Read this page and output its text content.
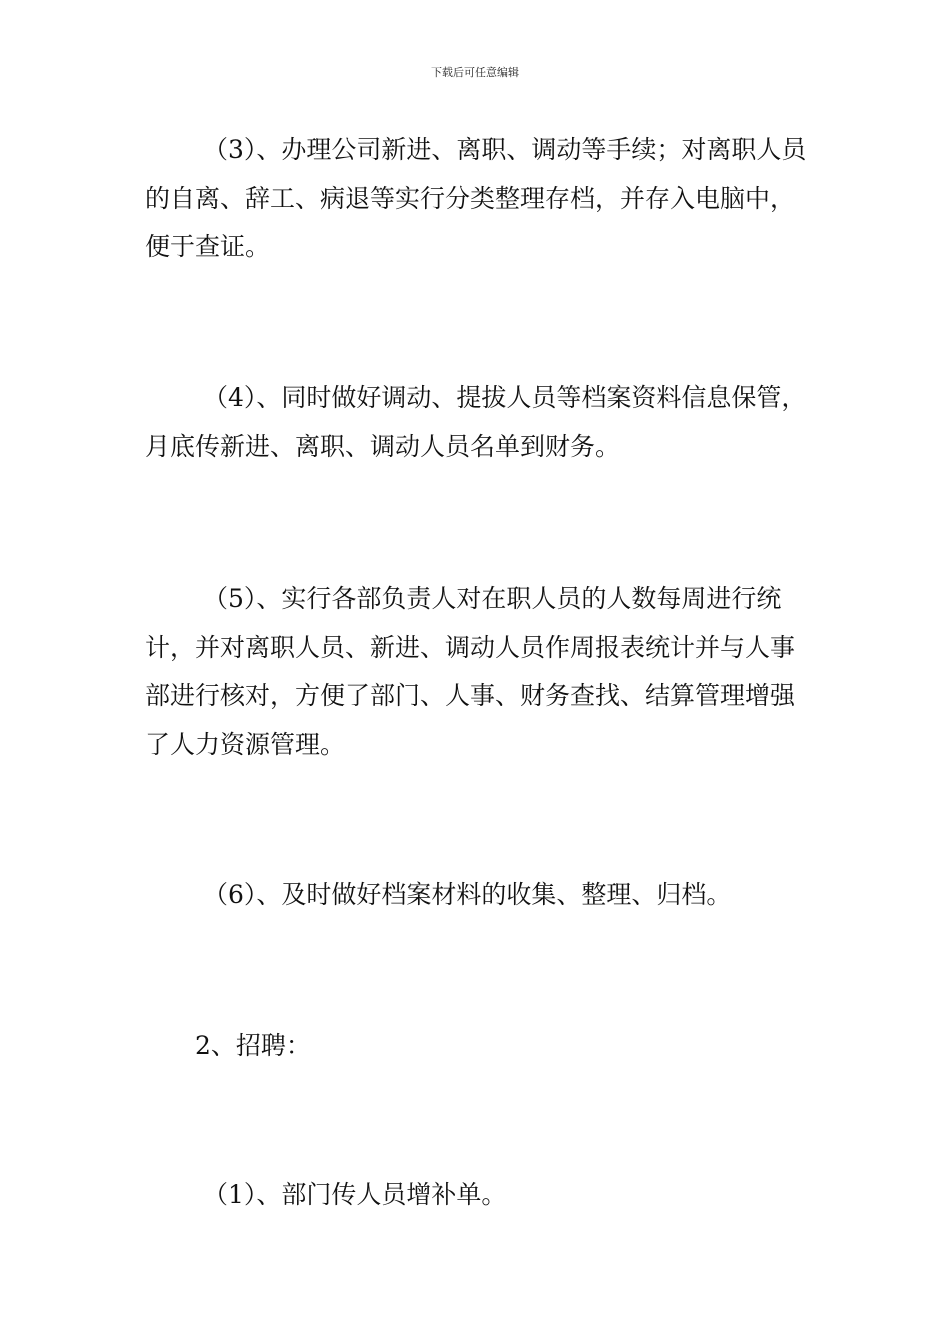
下载后可任意编辑

（3）、办理公司新进、离职、调动等手续；对离职人员的自离、辞工、病退等实行分类整理存档，并存入电脑中，便于查证。

（4）、同时做好调动、提拔人员等档案资料信息保管，月底传新进、离职、调动人员名单到财务。

（5）、实行各部负责人对在职人员的人数每周进行统计，并对离职人员、新进、调动人员作周报表统计并与人事部进行核对，方便了部门、人事、财务查找、结算管理增强了人力资源管理。

（6）、及时做好档案材料的收集、整理、归档。

2、招聘：

（1）、部门传人员增补单。
